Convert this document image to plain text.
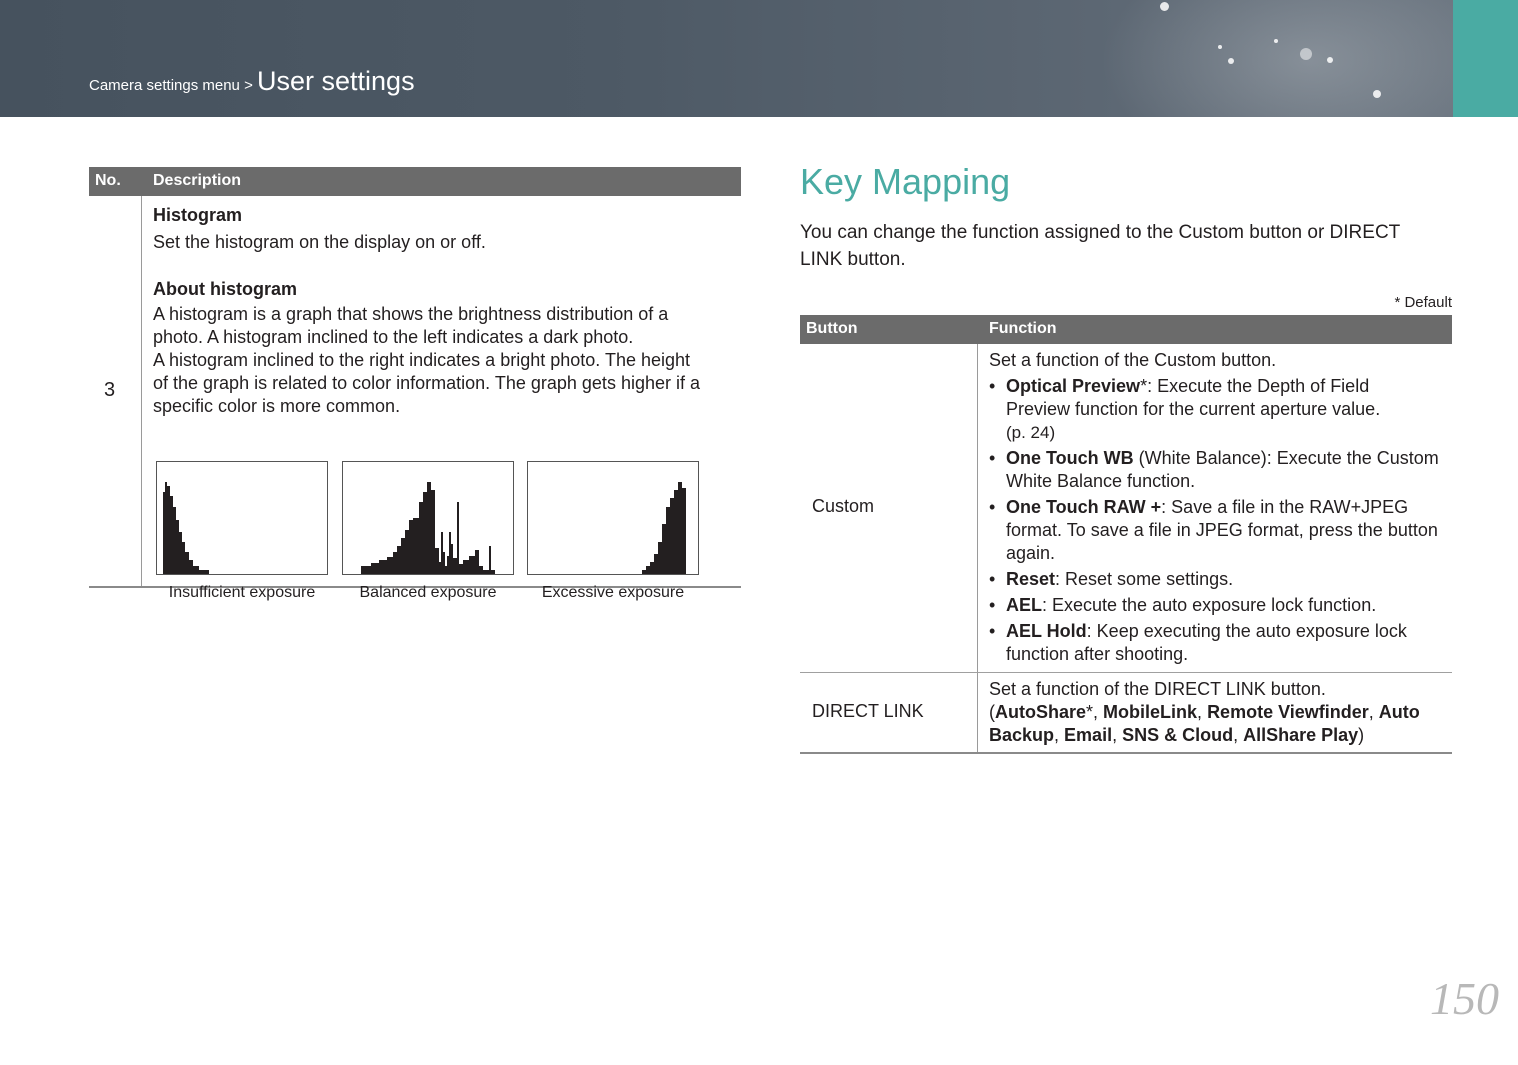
Camera settings menu > User settings
No. Description
3
Histogram
Set the histogram on the display on or off.
About histogram
A histogram is a graph that shows the brightness distribution of a
photo. A histogram inclined to the left indicates a dark photo.
A histogram inclined to the right indicates a bright photo. The height
of the graph is related to color information. The graph gets higher if a
specific color is more common.
Insufficient exposure	Balanced exposure	Excessive exposure
Key Mapping
You can change the function assigned to the Custom button or DIRECT
LINK button.
* Default
Button	Function
Custom
Set a function of the Custom button.
• Optical Preview*: Execute the Depth of Field
Preview function for the current aperture value.
(p. 24)
• One Touch WB (White Balance): Execute the Custom
White Balance function.
• One Touch RAW +: Save a file in the RAW+JPEG
format. To save a file in JPEG format, press the button
again.
• Reset: Reset some settings.
• AEL: Execute the auto exposure lock function.
• AEL Hold: Keep executing the auto exposure lock
function after shooting.
DIRECT LINK
Set a function of the DIRECT LINK button.
(AutoShare*, MobileLink, Remote Viewfinder, Auto
Backup, Email, SNS & Cloud, AllShare Play)
150
